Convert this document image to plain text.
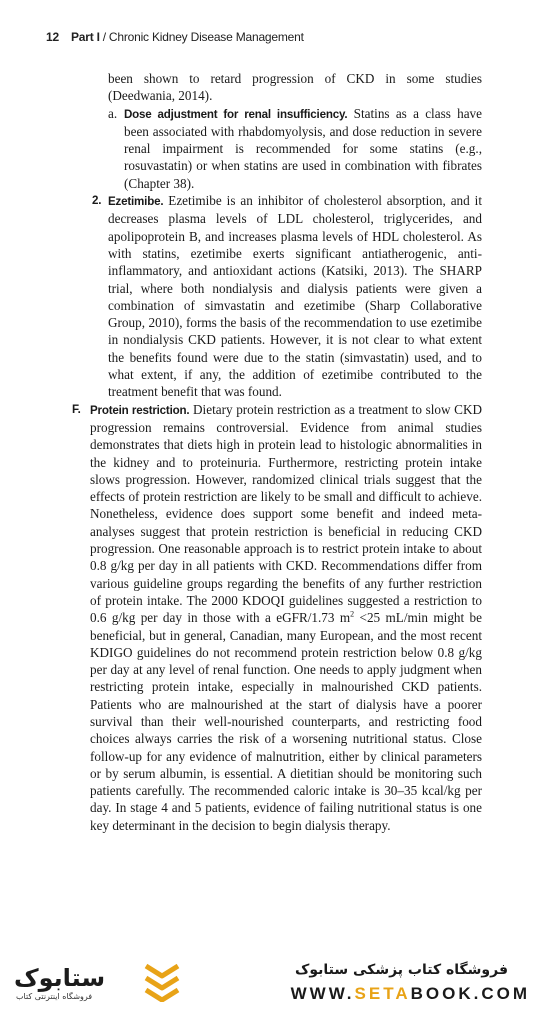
12 Part I / Chronic Kidney Disease Management

been shown to retard progression of CKD in some studies (Deedwania, 2014).

a. Dose adjustment for renal insufficiency. Statins as a class have been associated with rhabdomyolysis, and dose reduction in severe renal impairment is recommended for some statins (e.g., rosuvastatin) or when statins are used in combination with fibrates (Chapter 38).

2. Ezetimibe. Ezetimibe is an inhibitor of cholesterol absorption, and it decreases plasma levels of LDL cholesterol, triglycerides, and apolipoprotein B, and increases plasma levels of HDL cholesterol. As with statins, ezetimibe exerts significant antiatherogenic, anti-inflammatory, and antioxidant actions (Katsiki, 2013). The SHARP trial, where both nondialysis and dialysis patients were given a combination of simvastatin and ezetimibe (Sharp Collaborative Group, 2010), forms the basis of the recommendation to use ezetimibe in nondialysis CKD patients. However, it is not clear to what extent the benefits found were due to the statin (simvastatin) used, and to what extent, if any, the addition of ezetimibe contributed to the treatment benefit that was found.

F. Protein restriction. Dietary protein restriction as a treatment to slow CKD progression remains controversial. Evidence from animal studies demonstrates that diets high in protein lead to histologic abnormalities in the kidney and to proteinuria. Furthermore, restricting protein intake slows progression. However, randomized clinical trials suggest that the effects of protein restriction are likely to be small and difficult to achieve. Nonetheless, evidence does support some benefit and indeed meta-analyses suggest that protein restriction is beneficial in reducing CKD progression. One reasonable approach is to restrict protein intake to about 0.8 g/kg per day in all patients with CKD. Recommendations differ from various guideline groups regarding the benefits of any further restriction of protein intake. The 2000 KDOQI guidelines suggested a restriction to 0.6 g/kg per day in those with a eGFR/1.73 $m^2 <25$ mL/min might be beneficial, but in general, Canadian, many European, and the most recent KDIGO guidelines do not recommend protein restriction below 0.8 g/kg per day at any level of renal function. One needs to apply judgment when restricting protein intake, especially in malnourished CKD patients. Patients who are malnourished at the start of dialysis have a poorer survival than their well-nourished counterparts, and restricting food choices always carries the risk of a worsening nutritional status. Close follow-up for any evidence of malnutrition, either by clinical parameters or by serum albumin, is essential. A dietitian should be monitoring such patients carefully. The recommended caloric intake is 30–35 kcal/kg per day. In stage 4 and 5 patients, evidence of failing nutritional status is one key determinant in the decision to begin dialysis therapy.

ستابوک
فروشگاه اینترنتی کتاب
فروشگاه کتاب پزشکی ستابوک
WWW.SETABOOK.COM
